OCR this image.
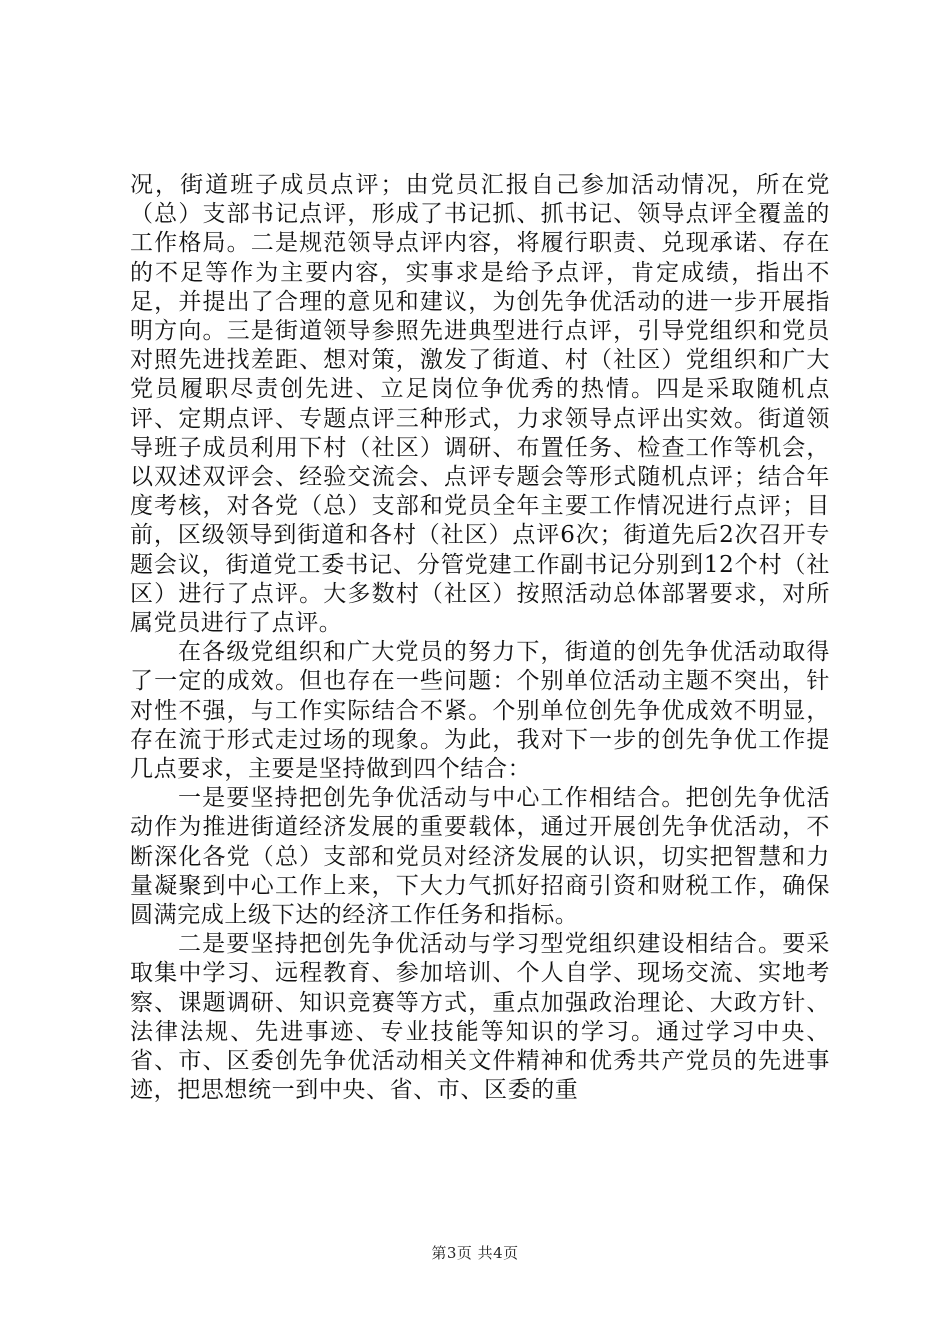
况，街道班子成员点评；由党员汇报自己参加活动情况，所在党（总）支部书记点评，形成了书记抓、抓书记、领导点评全覆盖的工作格局。二是规范领导点评内容，将履行职责、兑现承诺、存在的不足等作为主要内容，实事求是给予点评，肯定成绩，指出不足，并提出了合理的意见和建议，为创先争优活动的进一步开展指明方向。三是街道领导参照先进典型进行点评，引导党组织和党员对照先进找差距、想对策，激发了街道、村（社区）党组织和广大党员履职尽责创先进、立足岗位争优秀的热情。四是采取随机点评、定期点评、专题点评三种形式，力求领导点评出实效。街道领导班子成员利用下村（社区）调研、布置任务、检查工作等机会，以双述双评会、经验交流会、点评专题会等形式随机点评；结合年度考核，对各党（总）支部和党员全年主要工作情况进行点评；目前，区级领导到街道和各村（社区）点评6次；街道先后2次召开专题会议，街道党工委书记、分管党建工作副书记分别到12个村（社区）进行了点评。大多数村（社区）按照活动总体部署要求，对所属党员进行了点评。

在各级党组织和广大党员的努力下，街道的创先争优活动取得了一定的成效。但也存在一些问题：个别单位活动主题不突出，针对性不强，与工作实际结合不紧。个别单位创先争优成效不明显，存在流于形式走过场的现象。为此，我对下一步的创先争优工作提几点要求，主要是坚持做到四个结合：

一是要坚持把创先争优活动与中心工作相结合。把创先争优活动作为推进街道经济发展的重要载体，通过开展创先争优活动，不断深化各党（总）支部和党员对经济发展的认识，切实把智慧和力量凝聚到中心工作上来，下大力气抓好招商引资和财税工作，确保圆满完成上级下达的经济工作任务和指标。

二是要坚持把创先争优活动与学习型党组织建设相结合。要采取集中学习、远程教育、参加培训、个人自学、现场交流、实地考察、课题调研、知识竞赛等方式，重点加强政治理论、大政方针、法律法规、先进事迹、专业技能等知识的学习。通过学习中央、省、市、区委创先争优活动相关文件精神和优秀共产党员的先进事迹，把思想统一到中央、省、市、区委的重

第3页 共4页
